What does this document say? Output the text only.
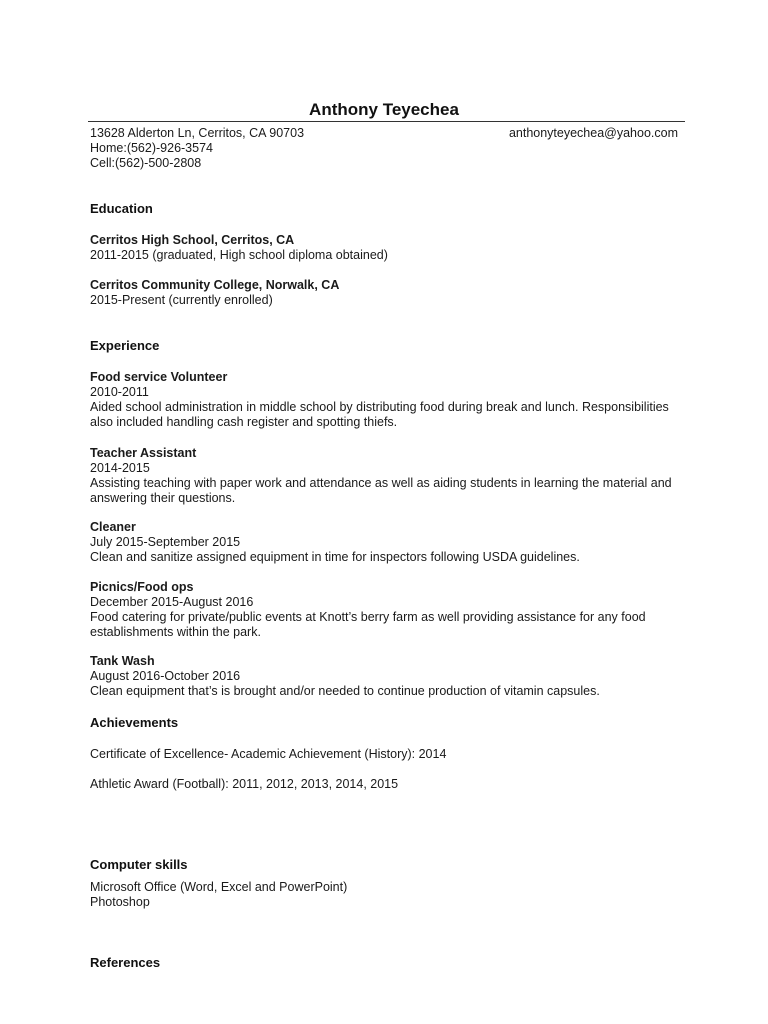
Anthony Teyechea
13628 Alderton Ln, Cerritos, CA 90703	anthonyteyechea@yahoo.com
Home:(562)-926-3574
Cell:(562)-500-2808
Education
Cerritos High School, Cerritos, CA
2011-2015 (graduated, High school diploma obtained)
Cerritos Community College, Norwalk, CA
2015-Present (currently enrolled)
Experience
Food service Volunteer
2010-2011
Aided school administration in middle school by distributing food during break and lunch. Responsibilities also included handling cash register and spotting thiefs.
Teacher Assistant
2014-2015
Assisting teaching with paper work and attendance as well as aiding students in learning the material and answering their questions.
Cleaner
July 2015-September 2015
Clean and sanitize assigned equipment in time for inspectors following USDA guidelines.
Picnics/Food ops
December 2015-August 2016
Food catering for private/public events at Knott’s berry farm as well providing assistance for any food establishments within the park.
Tank Wash
August 2016-October 2016
Clean equipment that’s is brought and/or needed to continue production of vitamin capsules.
Achievements
Certificate of Excellence- Academic Achievement (History): 2014
Athletic Award (Football): 2011, 2012, 2013, 2014, 2015
Computer skills
Microsoft Office (Word, Excel and PowerPoint)
Photoshop
References
